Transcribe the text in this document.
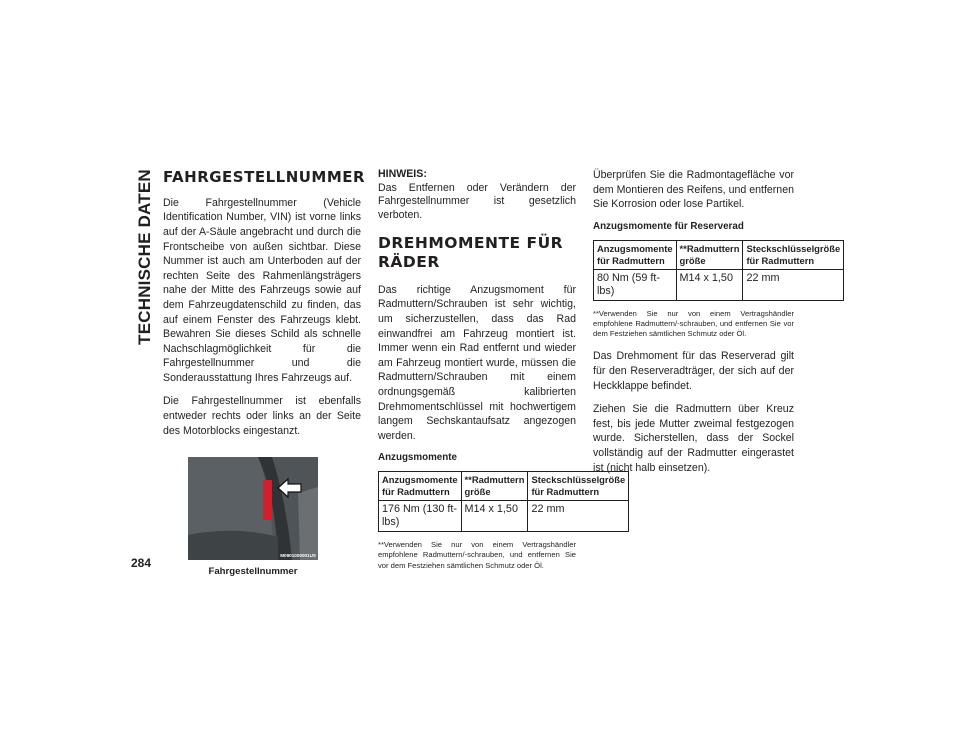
TECHNISCHE DATEN
284
FAHRGESTELLNUMMER

Die Fahrgestellnummer (Vehicle Identification Number, VIN) ist vorne links auf der A-Säule angebracht und durch die Frontscheibe von außen sichtbar. Diese Nummer ist auch am Unterboden auf der rechten Seite des Rahmenlängsträgers nahe der Mitte des Fahrzeugs sowie auf dem Fahrzeugdatenschild zu finden, das auf einem Fenster des Fahrzeugs klebt. Bewahren Sie dieses Schild als schnelle Nachschlagmöglichkeit für die Fahrgestellnummer und die Sonderausstattung Ihres Fahrzeugs auf.

Die Fahrgestellnummer ist ebenfalls entweder rechts oder links an der Seite des Motorblocks eingestanzt.

M0901000001US
Fahrgestellnummer
HINWEIS:

Das Entfernen oder Verändern der Fahrgestellnummer ist gesetzlich verboten.

DREHMOMENTE FÜR RÄDER

Das richtige Anzugsmoment für Radmuttern/Schrauben ist sehr wichtig, um sicherzustellen, dass das Rad einwandfrei am Fahrzeug montiert ist. Immer wenn ein Rad entfernt und wieder am Fahrzeug montiert wurde, müssen die Radmuttern/Schrauben mit einem ordnungsgemäß kalibrierten Drehmomentschlüssel mit hochwertigem langem Sechskantaufsatz angezogen werden.

Anzugsmomente
Anzugsmomente für Radmuttern	**Radmuttern größe	Steckschlüsselgröße für Radmuttern
176 Nm (130 ft-lbs)	M14 x 1,50	22 mm
**Verwenden Sie nur von einem Vertragshändler empfohlene Radmuttern/-schrauben, und entfernen Sie vor dem Festziehen sämtlichen Schmutz oder Öl.

Überprüfen Sie die Radmontagefläche vor dem Montieren des Reifens, und entfernen Sie Korrosion oder lose Partikel.

Anzugsmomente für Reserverad
Anzugsmomente für Radmuttern	**Radmuttern größe	Steckschlüsselgröße für Radmuttern
80 Nm (59 ft-lbs)	M14 x 1,50	22 mm
**Verwenden Sie nur von einem Vertragshändler empfohlene Radmuttern/-schrauben, und entfernen Sie vor dem Festziehen sämtlichen Schmutz oder Öl.

Das Drehmoment für das Reserverad gilt für den Reserveradträger, der sich auf der Heckklappe befindet.

Ziehen Sie die Radmuttern über Kreuz fest, bis jede Mutter zweimal festgezogen wurde. Sicherstellen, dass der Sockel vollständig auf der Radmutter eingerastet ist (nicht halb einsetzen).
